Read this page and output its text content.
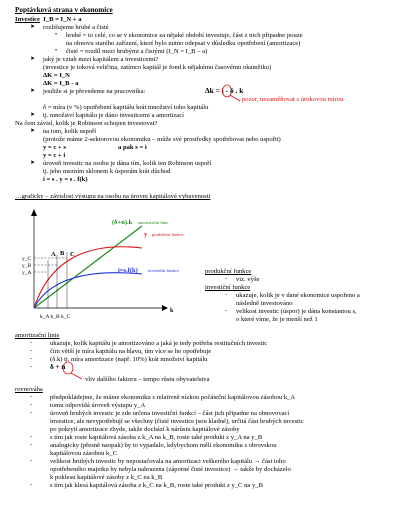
Poptávková strana v ekonomice
Investice I_B = I_N + a
➤ rozlišujeme hrubé a čisté
• hrubé = to celé, co se v ekonomice za nějaké období investuje, část z nich připadne pouze
na obnovu starého zařízení, které bylo nutno odepsat v důsledku opotřebení (amortizace)
• čisté = rozdíl mezi hrubými a čistými (I_N = I_B – a)
➤ jaký je vztah mezi kapitálem a investicemi?
(investice je toková veličina, zatímco kapitál je fond k nějakému časovému okamžiku)
ΔK = I_N
ΔK = I_B - a
➤ jestliže si je převedeme na pracovníka:	Δk = i - δ . k
pozor, nezaměňovat s úrokovou mírou
δ = míra (v %) opotřebení kapitálu krát množství toho kapitálu
➤ tj. množství kapitálu je dáno investicemi a amortizací
Na čem závisí, kolik je Robinson schopen investovat?
➤ na tom, kolik uspoří
(protože máme 2-sektorovou ekonomiku – může své prostředky spotřebovat nebo uspořit)
y = c + s	a pak s = i
y = c + i
➤ úroveň investic na osobu je dána tím, kolik ten Robinson uspoří
tj. jeho mezním sklonem k úsporám krát důchod
i = s . y = s . f(k)
…graficky – závislost výstupu na osobu na úrovni kapitálové vybavenosti
A B C
y_C
y_B
y_A
k_A k_B k_C
k
(δ+n).k amortizační linie
y produkční funkce
i=s.f(k) investiční funkce	produkční funkce
- viz. výše
investiční funkce
- ukazuje, kolik je v dané ekonomice uspořeno a
následně investováno
- velikost investic (úspor) je dána konstantou s,
o které víme, že je menší než 1
amortizační linie
-	ukazuje, kolik kapitálu je amortizováno a jaká je tedy potřeba restitučních investic
-	čím větší je míra kapitálu na hlavu, tím více se ho opotřebuje
-	(δ.k) tj. míra amortizace (např. 10%) krát množství kapitálu
-	δ + n
vliv dalšího faktoru – tempo růstu obyvatelstva
rovnováha
-	předpokládejme, že máme ekonomiku s relativně nízkou počáteční kapitálovou zásobou k_A
-	tomu odpovídá úroveň výstupu y_A
-	úroveň hrubých investic je zde určena investiční funkcí – část jich připadne na obnovovací
investice, ale nevypotřebují se všechny (čisté investice jsou kladné), určitá část hrubých investic
po pokrytí amortizace zbyde, takže dochází k nárůstu kapitálové zásoby
-	s tím jak roste kapitálová zásoba z k_A na k_B, roste také produkt z y_A na y_B
-	analogicky (přesně naopak) by to vypadalo, kdybychom měli ekonomiku s obrovskou
kapitálovou zásobou k_C
-	velikost hrubých investic by nepostačovala na amortizaci veškerého kapitálu → část toho
opotřebeného majetku by nebyla nahrazena (záporné čisté investice) → takže by docházelo
k poklesu kapitálové zásoby z k_C na k_B
-	s tím jak klesá kapitálová zásoba z k_C na k_B, roste také produkt z y_C na y_B
